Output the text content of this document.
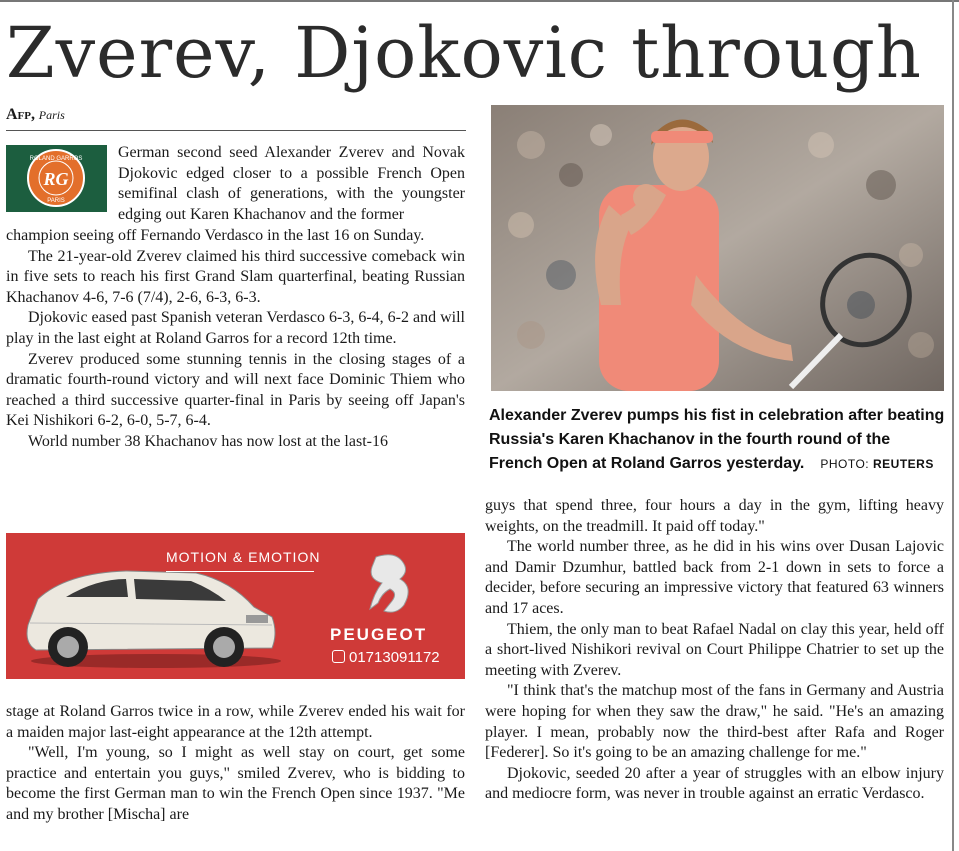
Zverev, Djokovic through
Afp, Paris
RG
ROLAND GARROS
PARIS

German second seed Alexander Zverev and Novak Djokovic edged closer to a possible French Open semifinal clash of generations, with the youngster edging out Karen Khachanov and the former

champion seeing off Fernando Verdasco in the last 16 on Sunday.

The 21-year-old Zverev claimed his third successive comeback win in five sets to reach his first Grand Slam quarterfinal, beating Russian Khachanov 4-6, 7-6 (7/4), 2-6, 6-3, 6-3.

Djokovic eased past Spanish veteran Verdasco 6-3, 6-4, 6-2 and will play in the last eight at Roland Garros for a record 12th time.

Zverev produced some stunning tennis in the closing stages of a dramatic fourth-round victory and will next face Dominic Thiem who reached a third successive quarter-final in Paris by seeing off Japan's Kei Nishikori 6-2, 6-0, 5-7, 6-4.

World number 38 Khachanov has now lost at the last-16

MOTION & EMOTION
PEUGEOT
01713091172

stage at Roland Garros twice in a row, while Zverev ended his wait for a maiden major last-eight appearance at the 12th attempt.

"Well, I'm young, so I might as well stay on court, get some practice and entertain you guys," smiled Zverev, who is bidding to become the first German man to win the French Open since 1937. "Me and my brother [Mischa] are

Alexander Zverev pumps his fist in celebration after beating Russia's Karen Khachanov in the fourth round of the French Open at Roland Garros yesterday. PHOTO: REUTERS

guys that spend three, four hours a day in the gym, lifting heavy weights, on the treadmill. It paid off today."

The world number three, as he did in his wins over Dusan Lajovic and Damir Dzumhur, battled back from 2-1 down in sets to force a decider, before securing an impressive victory that featured 63 winners and 17 aces.

Thiem, the only man to beat Rafael Nadal on clay this year, held off a short-lived Nishikori revival on Court Philippe Chatrier to set up the meeting with Zverev.

"I think that's the matchup most of the fans in Germany and Austria were hoping for when they saw the draw," he said. "He's an amazing player. I mean, probably now the third-best after Rafa and Roger [Federer]. So it's going to be an amazing challenge for me."

Djokovic, seeded 20 after a year of struggles with an elbow injury and mediocre form, was never in trouble against an erratic Verdasco.
